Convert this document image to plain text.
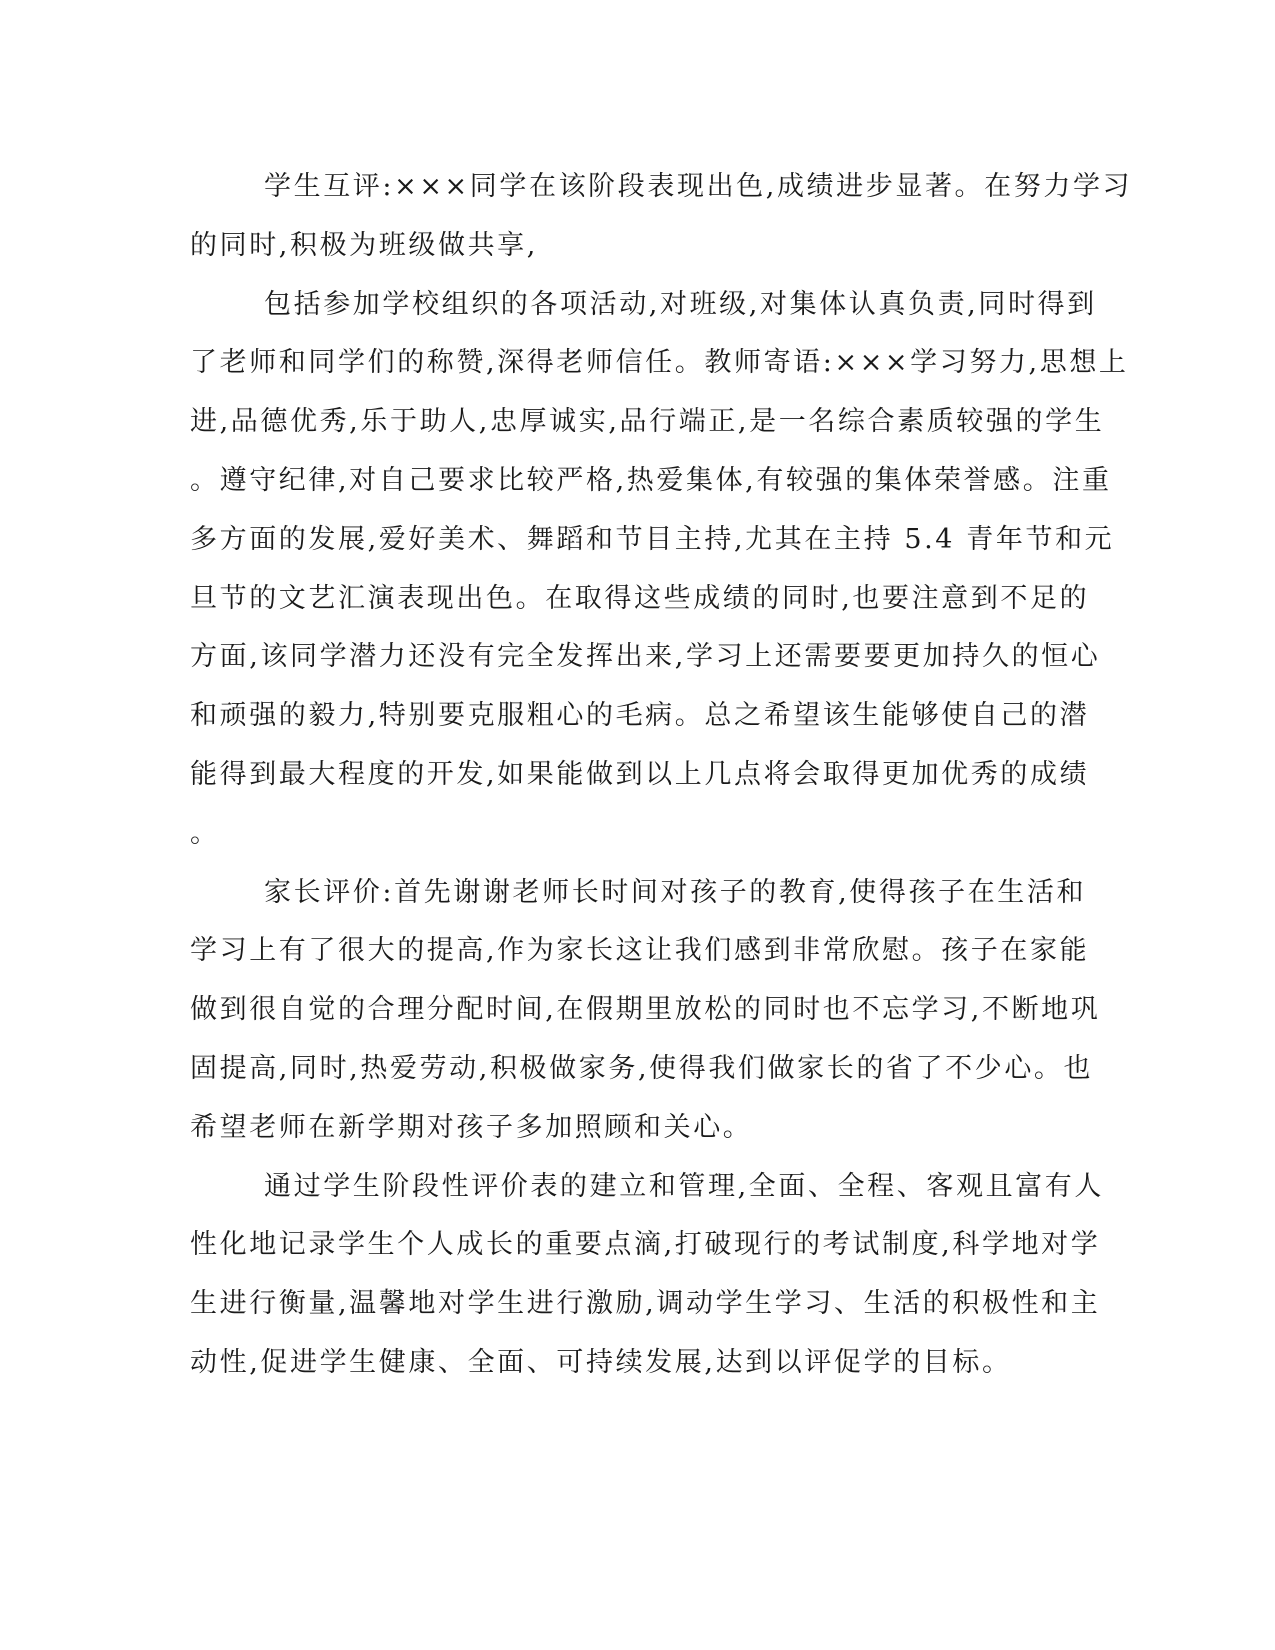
学生互评:×××同学在该阶段表现出色,成绩进步显著。在努力学习
的同时,积极为班级做共享,
包括参加学校组织的各项活动,对班级,对集体认真负责,同时得到
了老师和同学们的称赞,深得老师信任。教师寄语:×××学习努力,思想上
进,品德优秀,乐于助人,忠厚诚实,品行端正,是一名综合素质较强的学生
。遵守纪律,对自己要求比较严格,热爱集体,有较强的集体荣誉感。注重
多方面的发展,爱好美术、舞蹈和节目主持,尤其在主持 5.4 青年节和元
旦节的文艺汇演表现出色。在取得这些成绩的同时,也要注意到不足的
方面,该同学潜力还没有完全发挥出来,学习上还需要要更加持久的恒心
和顽强的毅力,特别要克服粗心的毛病。总之希望该生能够使自己的潜
能得到最大程度的开发,如果能做到以上几点将会取得更加优秀的成绩
。
家长评价:首先谢谢老师长时间对孩子的教育,使得孩子在生活和
学习上有了很大的提高,作为家长这让我们感到非常欣慰。孩子在家能
做到很自觉的合理分配时间,在假期里放松的同时也不忘学习,不断地巩
固提高,同时,热爱劳动,积极做家务,使得我们做家长的省了不少心。也
希望老师在新学期对孩子多加照顾和关心。
通过学生阶段性评价表的建立和管理,全面、全程、客观且富有人
性化地记录学生个人成长的重要点滴,打破现行的考试制度,科学地对学
生进行衡量,温馨地对学生进行激励,调动学生学习、生活的积极性和主
动性,促进学生健康、全面、可持续发展,达到以评促学的目标。
